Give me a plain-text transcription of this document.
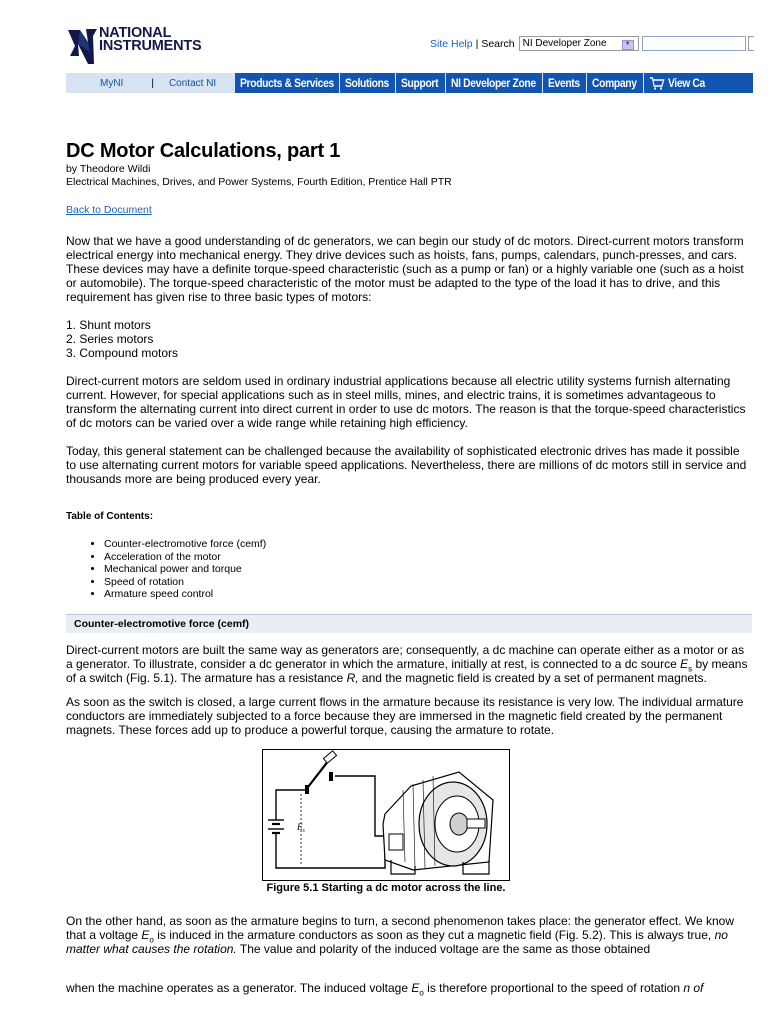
NATIONAL
INSTRUMENTS	Site Help | Search NI Developer Zone	▼
MyNI	| Contact NI	Products & Services Solutions	Support	NI Developer Zone Events	Company	View Ca
DC Motor Calculations, part 1
by Theodore Wildi
Electrical Machines, Drives, and Power Systems, Fourth Edition, Prentice Hall PTR
Back to Document

Now that we have a good understanding of dc generators, we can begin our study of dc motors. Direct-current motors transform electrical energy into mechanical energy. They drive devices such as hoists, fans, pumps, calendars, punch-presses, and cars. These devices may have a definite torque-speed characteristic (such as a pump or fan) or a highly variable one (such as a hoist or automobile). The torque-speed characteristic of the motor must be adapted to the type of the load it has to drive, and this requirement has given rise to three basic types of motors:

1. Shunt motors
2. Series motors
3. Compound motors

Direct-current motors are seldom used in ordinary industrial applications because all electric utility systems furnish alternating current. However, for special applications such as in steel mills, mines, and electric trains, it is sometimes advantageous to transform the alternating current into direct current in order to use dc motors. The reason is that the torque-speed characteristics of dc motors can be varied over a wide range while retaining high efficiency.

Today, this general statement can be challenged because the availability of sophisticated electronic drives has made it possible to use alternating current motors for variable speed applications. Nevertheless, there are millions of dc motors still in service and thousands more are being produced every year.

Table of Contents:
• Counter-electromotive force (cemf)
• Acceleration of the motor
• Mechanical power and torque
• Speed of rotation
• Armature speed control
Counter-electromotive force (cemf)

Direct-current motors are built the same way as generators are; consequently, a dc machine can operate either as a motor or as a generator. To illustrate, consider a dc generator in which the armature, initially at rest, is connected to a dc source $E_s$ by means of a switch (Fig. 5.1). The armature has a resistance R, and the magnetic field is created by a set of permanent magnets.

As soon as the switch is closed, a large current flows in the armature because its resistance is very low. The individual armature conductors are immediately subjected to a force because they are immersed in the magnetic field created by the permanent magnets. These forces add up to produce a powerful torque, causing the armature to rotate.

$E_s$
Figure 5.1 Starting a dc motor across the line.

On the other hand, as soon as the armature begins to turn, a second phenomenon takes place: the generator effect. We know that a voltage $E_o$ is induced in the armature conductors as soon as they cut a magnetic field (Fig. 5.2). This is always true, no matter what causes the rotation. The value and polarity of the induced voltage are the same as those obtained

when the machine operates as a generator. The induced voltage $E_o$ is therefore proportional to the speed of rotation n of
